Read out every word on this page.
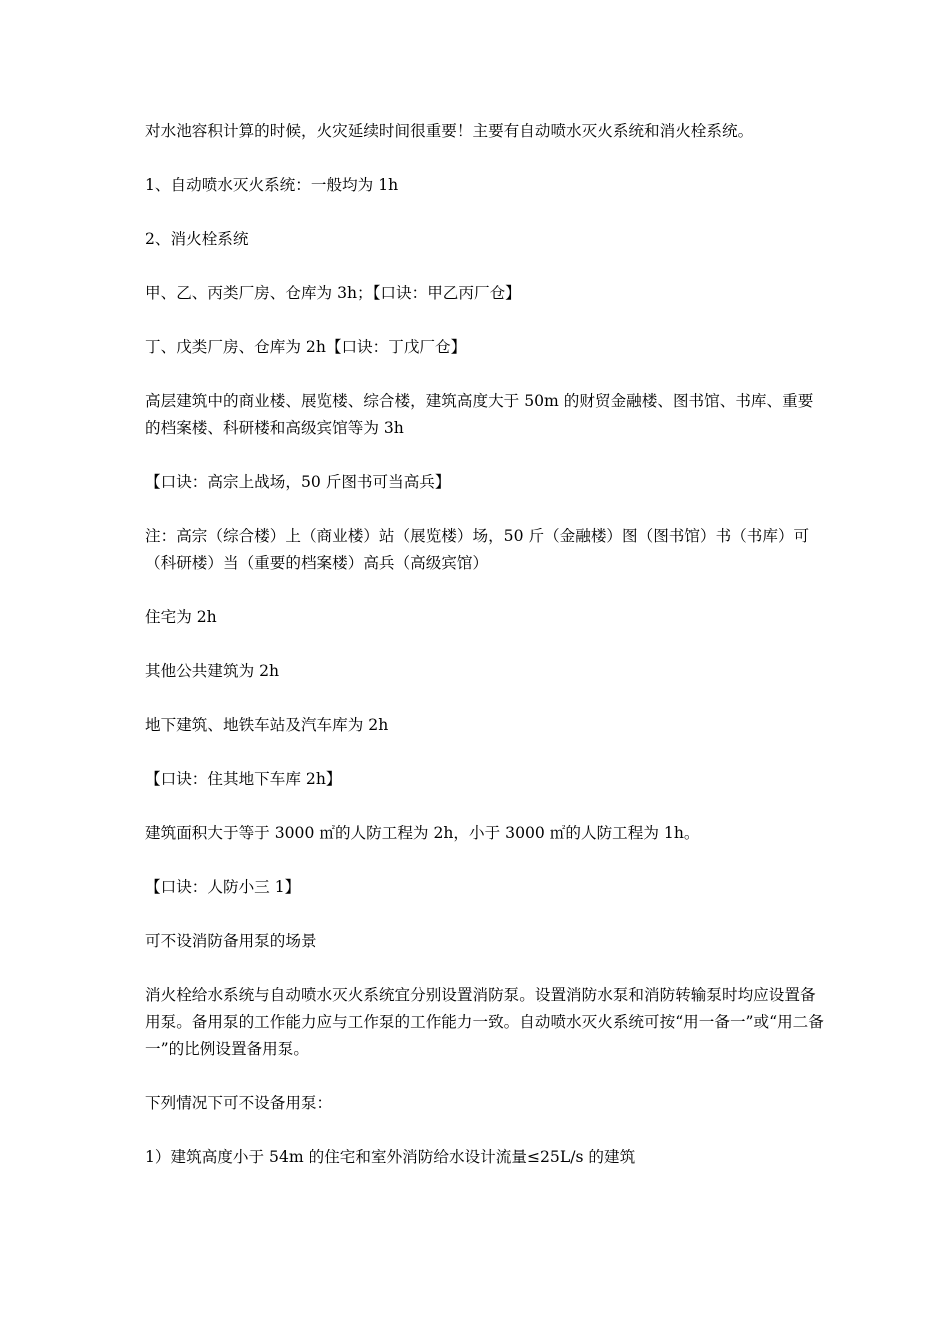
对水池容积计算的时候，火灾延续时间很重要！主要有自动喷水灭火系统和消火栓系统。

1、自动喷水灭火系统：一般均为 1h

2、消火栓系统

甲、乙、丙类厂房、仓库为 3h；【口诀：甲乙丙厂仓】

丁、戊类厂房、仓库为 2h【口诀：丁戊厂仓】

高层建筑中的商业楼、展览楼、综合楼，建筑高度大于 50m 的财贸金融楼、图书馆、书库、重要的档案楼、科研楼和高级宾馆等为 3h

【口诀：高宗上战场，50 斤图书可当高兵】

注：高宗（综合楼）上（商业楼）站（展览楼）场，50 斤（金融楼）图（图书馆）书（书库）可（科研楼）当（重要的档案楼）高兵（高级宾馆）

住宅为 2h

其他公共建筑为 2h

地下建筑、地铁车站及汽车库为 2h

【口诀：住其地下车库 2h】

建筑面积大于等于 3000 ㎡的人防工程为 2h，小于 3000 ㎡的人防工程为 1h。

【口诀：人防小三 1】

可不设消防备用泵的场景

消火栓给水系统与自动喷水灭火系统宜分别设置消防泵。设置消防水泵和消防转输泵时均应设置备用泵。备用泵的工作能力应与工作泵的工作能力一致。自动喷水灭火系统可按“用一备一”或“用二备一”的比例设置备用泵。

下列情况下可不设备用泵：

1）建筑高度小于 54m 的住宅和室外消防给水设计流量≤25L/s 的建筑
